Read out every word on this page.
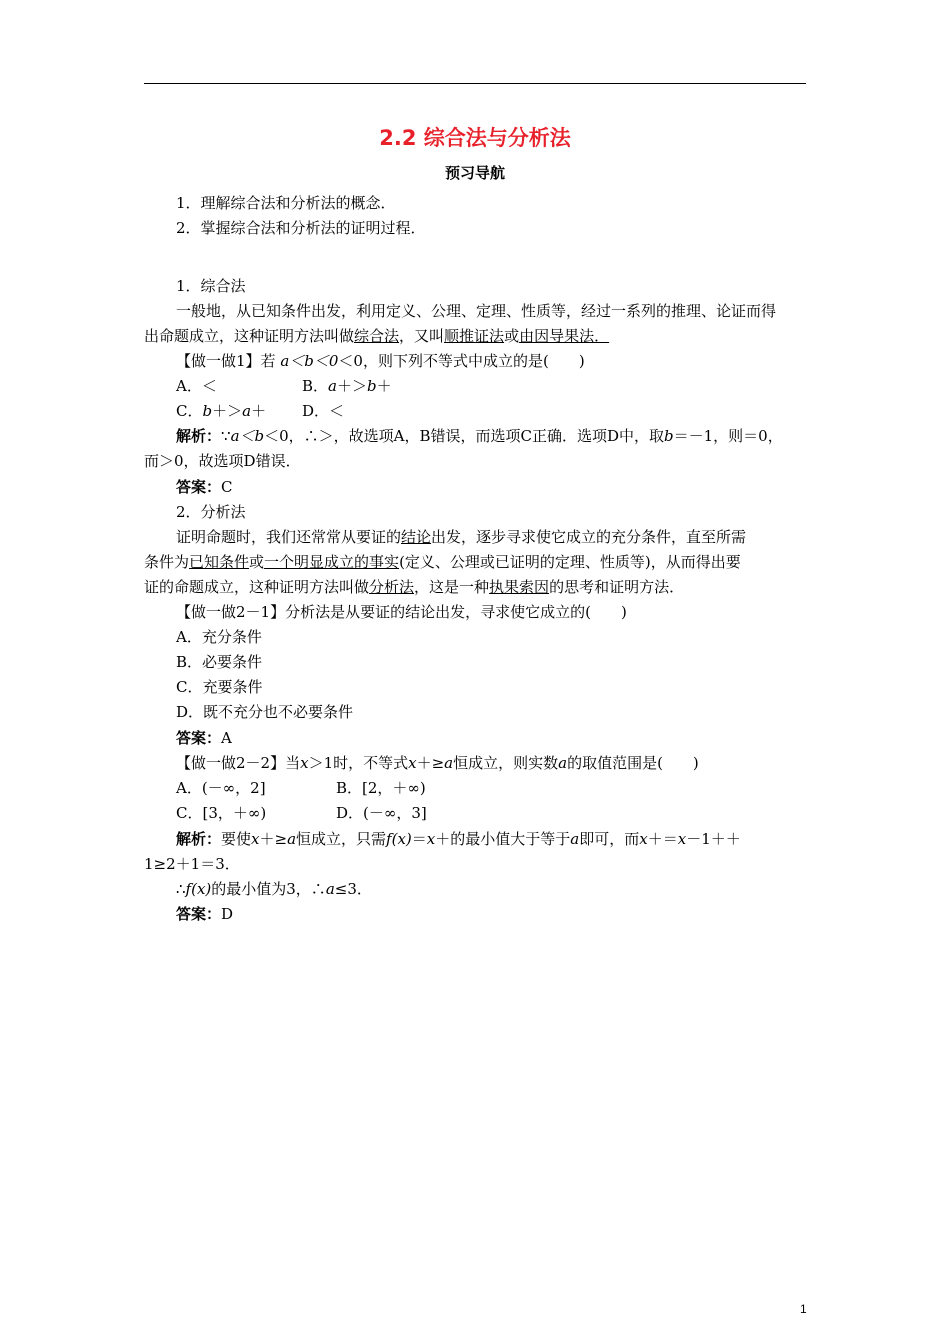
2.2 综合法与分析法
预习导航
1．理解综合法和分析法的概念．
2．掌握综合法和分析法的证明过程．
1．综合法
一般地，从已知条件出发，利用定义、公理、定理、性质等，经过一系列的推理、论证而得
出命题成立，这种证明方法叫做综合法，又叫顺推证法或由因导果法．
【做一做1】若 a＜b＜0＜0，则下列不等式中成立的是(　　)
A．＜	B．a＋＞b＋
C．b＋＞a＋ D．＜
解析：∵a＜b＜0，∴＞，故选项A，B错误，而选项C正确．选项D中，取b＝－1，则＝0，
而＞0，故选项D错误．
答案：C
2．分析法
证明命题时，我们还常常从要证的结论出发，逐步寻求使它成立的充分条件，直至所需
条件为已知条件或一个明显成立的事实(定义、公理或已证明的定理、性质等)，从而得出要
证的命题成立，这种证明方法叫做分析法，这是一种执果索因的思考和证明方法．
【做一做2－1】分析法是从要证的结论出发，寻求使它成立的(　　)
A．充分条件
B．必要条件
C．充要条件
D．既不充分也不必要条件
答案：A
【做一做2－2】当x＞1时，不等式x＋≥a恒成立，则实数a的取值范围是(　　)
A．(－∞，2]	B．[2，＋∞)
C．[3，＋∞)	D．(－∞，3]
解析：要使x＋≥a恒成立，只需f(x)＝x＋的最小值大于等于a即可，而x＋＝x－1＋＋
1≥2＋1＝3．
∴f(x)的最小值为3，∴a≤3．
答案：D
1
